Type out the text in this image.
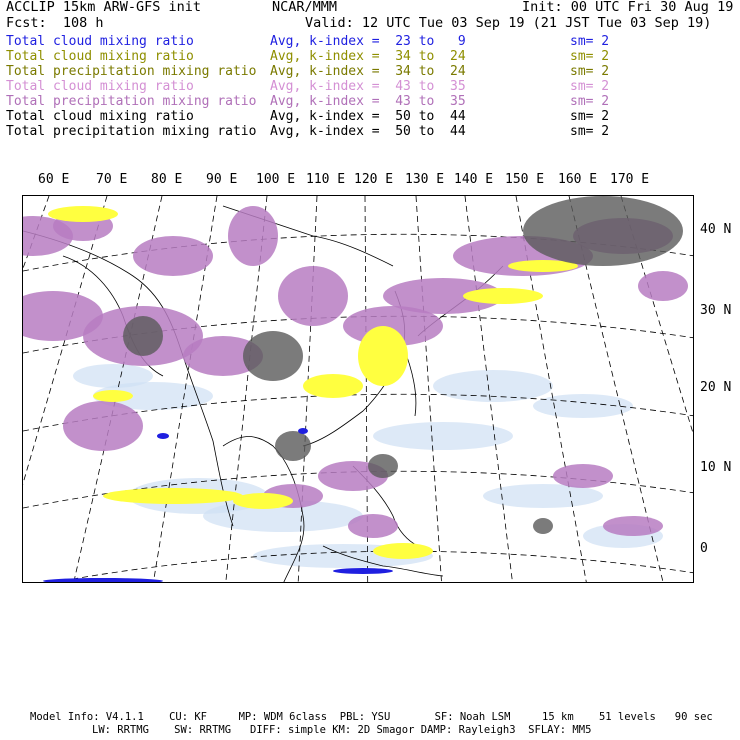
ACCLIP 15km ARW-GFS init	NCAR/MMM	Init: 00 UTC Fri 30 Aug 19
Fcst:  108 h	Valid: 12 UTC Tue 03 Sep 19 (21 JST Tue 03 Sep 19)
Total cloud mixing ratio	Avg, k-index =  23 to   9	sm= 2
Total cloud mixing ratio	Avg, k-index =  34 to  24	sm= 2
Total precipitation mixing ratio Avg, k-index =  34 to  24	sm= 2
Total cloud mixing ratio	Avg, k-index =  43 to  35	sm= 2
Total precipitation mixing ratio Avg, k-index =  43 to  35	sm= 2
Total cloud mixing ratio	Avg, k-index =  50 to  44	sm= 2
Total precipitation mixing ratio Avg, k-index =  50 to  44	sm= 2
60 E 70 E 80 E 90 E 100 E 110 E 120 E 130 E 140 E 150 E 160 E 170 E
40 N
30 N
20 N
10 N
0
Model Info: V4.1.1    CU: KF     MP: WDM 6class  PBL: YSU       SF: Noah LSM     15 km    51 levels   90 sec
LW: RRTMG    SW: RRTMG   DIFF: simple KM: 2D Smagor DAMP: Rayleigh3  SFLAY: MM5
